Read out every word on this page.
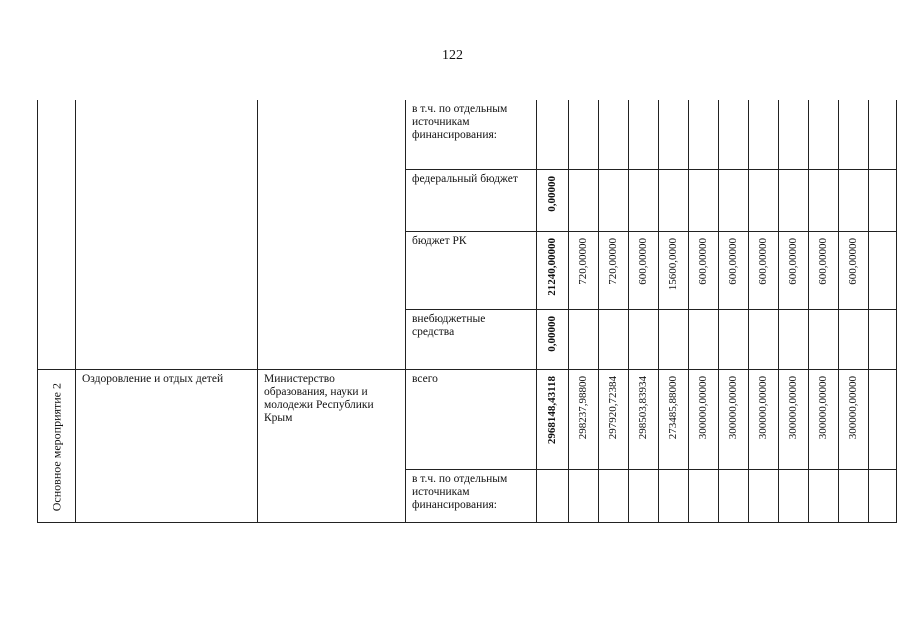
122

			в т.ч. по отдельным источникам финансирования:												

			федеральный бюджет	0,00000											

			бюджет РК	21240,00000	720,00000	720,00000	600,00000	15600,0000	600,00000	600,00000	600,00000	600,00000	600,00000	600,00000	

			внебюджетные средства	0,00000											

Основное мероприятие 2	Оздоровление и отдых детей	Министерство образования, науки и молодежи Республики Крым	всего	2968148,43118	298237,98800	297920,72384	298503,83934	273485,88000	300000,00000	300000,00000	300000,00000	300000,00000	300000,00000	300000,00000	

			в т.ч. по отдельным источникам финансирования:												
